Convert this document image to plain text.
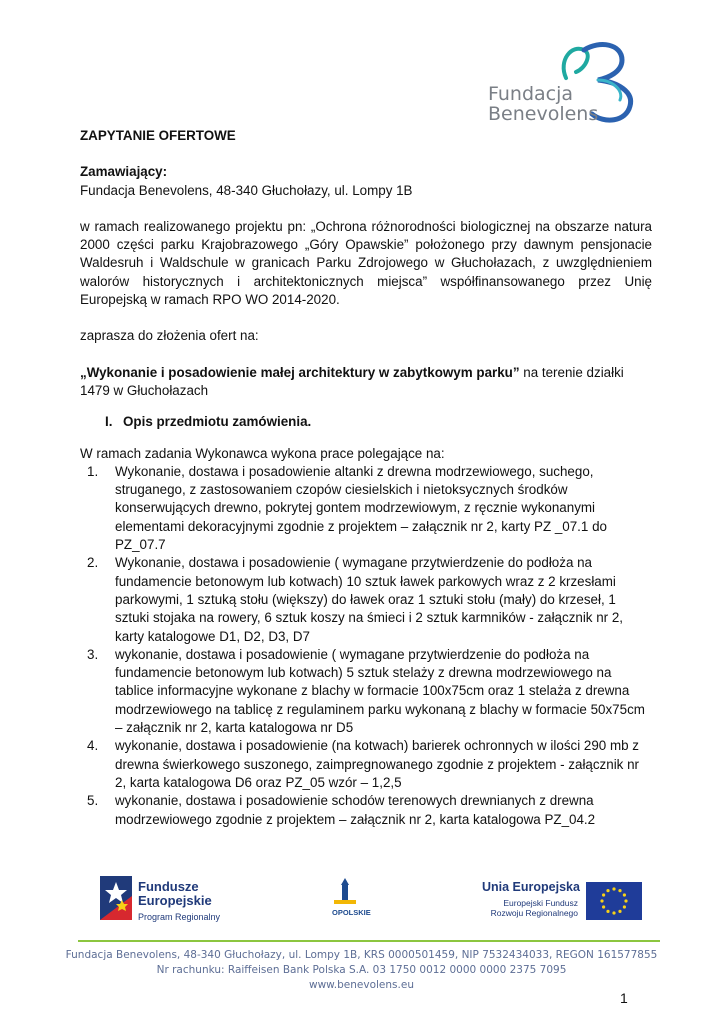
Fundacja
Benevolens

ZAPYTANIE OFERTOWE

Zamawiający:

Fundacja Benevolens, 48-340 Głuchołazy, ul. Lompy 1B

w ramach realizowanego projektu pn: „Ochrona różnorodności biologicznej na obszarze natura 2000 części parku Krajobrazowego „Góry Opawskie” położonego przy dawnym pensjonacie Waldesruh i Waldschule w granicach Parku Zdrojowego w Głuchołazach, z uwzględnieniem walorów historycznych i architektonicznych miejsca” współfinansowanego przez Unię Europejską w ramach RPO WO 2014-2020.

zaprasza do złożenia ofert na:

„Wykonanie i posadowienie małej architektury w zabytkowym parku” na terenie działki 1479 w Głuchołazach

I. Opis przedmiotu zamówienia.

W ramach zadania Wykonawca wykona prace polegające na:

1.	Wykonanie, dostawa i posadowienie altanki z drewna modrzewiowego, suchego, struganego, z zastosowaniem czopów ciesielskich i nietoksycznych środków konserwujących drewno, pokrytej gontem modrzewiowym, z ręcznie wykonanymi elementami dekoracyjnymi zgodnie z projektem – załącznik nr 2, karty PZ _07.1 do PZ_07.7
2.	Wykonanie, dostawa i posadowienie ( wymagane przytwierdzenie do podłoża na fundamencie betonowym lub kotwach) 10 sztuk ławek parkowych wraz z 2 krzesłami parkowymi, 1 sztuką stołu (większy) do ławek oraz 1 sztuki stołu (mały) do krzeseł, 1 sztuki stojaka na rowery, 6 sztuk koszy na śmieci i 2 sztuk karmników - załącznik nr 2, karty katalogowe D1, D2, D3, D7
3.	wykonanie, dostawa i posadowienie ( wymagane przytwierdzenie do podłoża na fundamencie betonowym lub kotwach) 5 sztuk stelaży z drewna modrzewiowego na tablice informacyjne wykonane z blachy w formacie 100x75cm oraz 1 stelaża z drewna modrzewiowego na tablicę z regulaminem parku wykonaną z blachy w formacie 50x75cm – załącznik nr 2, karta katalogowa nr D5
4.	wykonanie, dostawa i posadowienie (na kotwach) barierek ochronnych w ilości 290 mb z drewna świerkowego suszonego, zaimpregnowanego zgodnie z projektem - załącznik nr 2, karta katalogowa D6 oraz PZ_05 wzór – 1,2,5
5.	wykonanie, dostawa i posadowienie schodów terenowych drewnianych z drewna modrzewiowego zgodnie z projektem – załącznik nr 2, karta katalogowa PZ_04.2
Fundusze
Europejskie
Program Regionalny	OPOLSKIE
Unia Europejska
Europejski Fundusz
Rozwoju Regionalnego
Fundacja Benevolens, 48-340 Głuchołazy, ul. Lompy 1B, KRS 0000501459, NIP 7532434033, REGON 161577855
Nr rachunku: Raiffeisen Bank Polska S.A. 03 1750 0012 0000 0000 2375 7095
www.benevolens.eu
1
